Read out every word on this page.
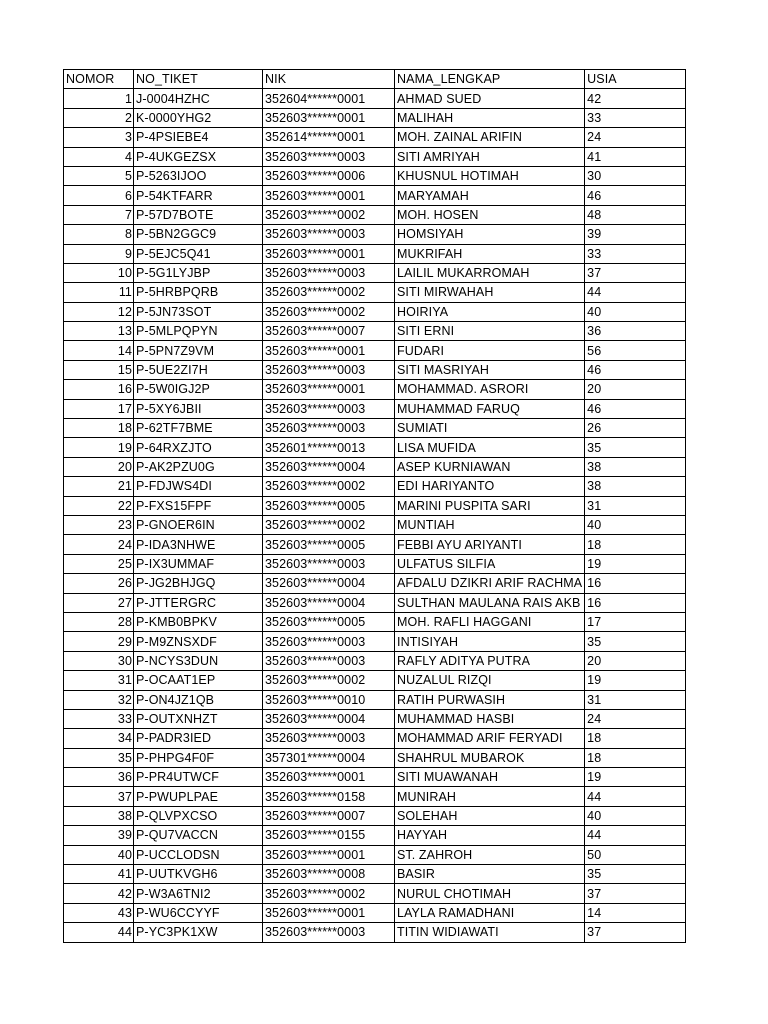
NOMOR	NO_TIKET	NIK	NAMA_LENGKAP	USIA
1	J-0004HZHC	352604******0001	AHMAD SUED	42
2	K-0000YHG2	352603******0001	MALIHAH	33
3	P-4PSIEBE4	352614******0001	MOH. ZAINAL ARIFIN	24
4	P-4UKGEZSX	352603******0003	SITI AMRIYAH	41
5	P-5263IJOO	352603******0006	KHUSNUL HOTIMAH	30
6	P-54KTFARR	352603******0001	MARYAMAH	46
7	P-57D7BOTE	352603******0002	MOH. HOSEN	48
8	P-5BN2GGC9	352603******0003	HOMSIYAH	39
9	P-5EJC5Q41	352603******0001	MUKRIFAH	33
10	P-5G1LYJBP	352603******0003	LAILIL MUKARROMAH	37
11	P-5HRBPQRB	352603******0002	SITI MIRWAHAH	44
12	P-5JN73SOT	352603******0002	HOIRIYA	40
13	P-5MLPQPYN	352603******0007	SITI ERNI	36
14	P-5PN7Z9VM	352603******0001	FUDARI	56
15	P-5UE2ZI7H	352603******0003	SITI MASRIYAH	46
16	P-5W0IGJ2P	352603******0001	MOHAMMAD. ASRORI	20
17	P-5XY6JBII	352603******0003	MUHAMMAD FARUQ	46
18	P-62TF7BME	352603******0003	SUMIATI	26
19	P-64RXZJTO	352601******0013	LISA MUFIDA	35
20	P-AK2PZU0G	352603******0004	ASEP KURNIAWAN	38
21	P-FDJWS4DI	352603******0002	EDI HARIYANTO	38
22	P-FXS15FPF	352603******0005	MARINI PUSPITA SARI	31
23	P-GNOER6IN	352603******0002	MUNTIAH	40
24	P-IDA3NHWE	352603******0005	FEBBI AYU ARIYANTI	18
25	P-IX3UMMAF	352603******0003	ULFATUS SILFIA	19
26	P-JG2BHJGQ	352603******0004	AFDALU DZIKRI ARIF RACHMA	16
27	P-JTTERGRC	352603******0004	SULTHAN MAULANA RAIS AKB	16
28	P-KMB0BPKV	352603******0005	MOH. RAFLI HAGGANI	17
29	P-M9ZNSXDF	352603******0003	INTISIYAH	35
30	P-NCYS3DUN	352603******0003	RAFLY ADITYA PUTRA	20
31	P-OCAAT1EP	352603******0002	NUZALUL RIZQI	19
32	P-ON4JZ1QB	352603******0010	RATIH PURWASIH	31
33	P-OUTXNHZT	352603******0004	MUHAMMAD HASBI	24
34	P-PADR3IED	352603******0003	MOHAMMAD ARIF FERYADI	18
35	P-PHPG4F0F	357301******0004	SHAHRUL MUBAROK	18
36	P-PR4UTWCF	352603******0001	SITI MUAWANAH	19
37	P-PWUPLPAE	352603******0158	MUNIRAH	44
38	P-QLVPXCSO	352603******0007	SOLEHAH	40
39	P-QU7VACCN	352603******0155	HAYYAH	44
40	P-UCCLODSN	352603******0001	ST. ZAHROH	50
41	P-UUTKVGH6	352603******0008	BASIR	35
42	P-W3A6TNI2	352603******0002	NURUL CHOTIMAH	37
43	P-WU6CCYYF	352603******0001	LAYLA RAMADHANI	14
44	P-YC3PK1XW	352603******0003	TITIN WIDIAWATI	37
